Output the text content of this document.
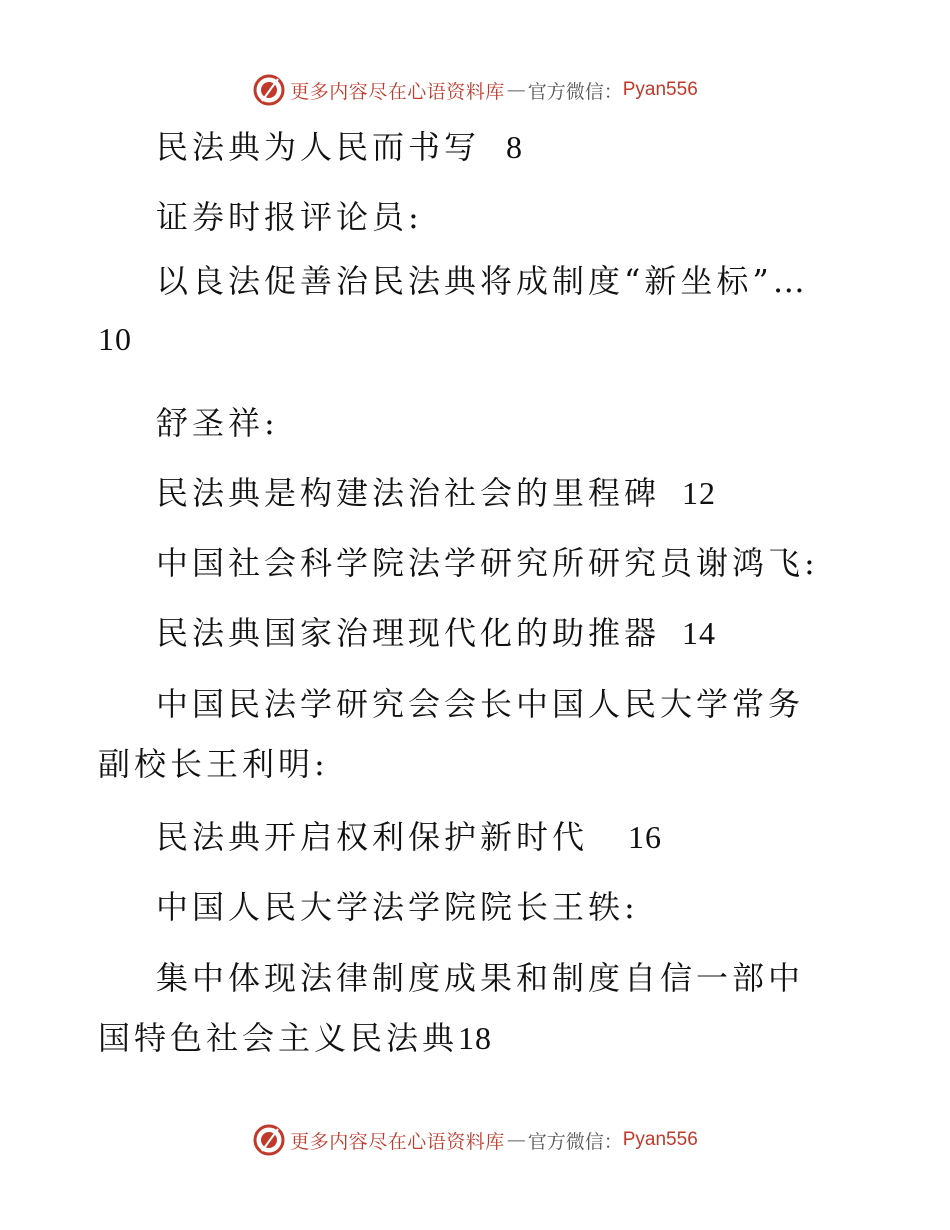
更多内容尽在心语资料库 — 官方微信： Pyan556

民法典为人民而书写 8

证券时报评论员:

以良法促善治民法典将成制度“新坐标”…

10

舒圣祥:

民法典是构建法治社会的里程碑 12

中国社会科学院法学研究所研究员谢鸿飞:

民法典国家治理现代化的助推器 14

中国民法学研究会会长中国人民大学常务副校长王利明:

民法典开启权利保护新时代 16

中国人民大学法学院院长王轶:

集中体现法律制度成果和制度自信一部中国特色社会主义民法典18

更多内容尽在心语资料库 — 官方微信： Pyan556
